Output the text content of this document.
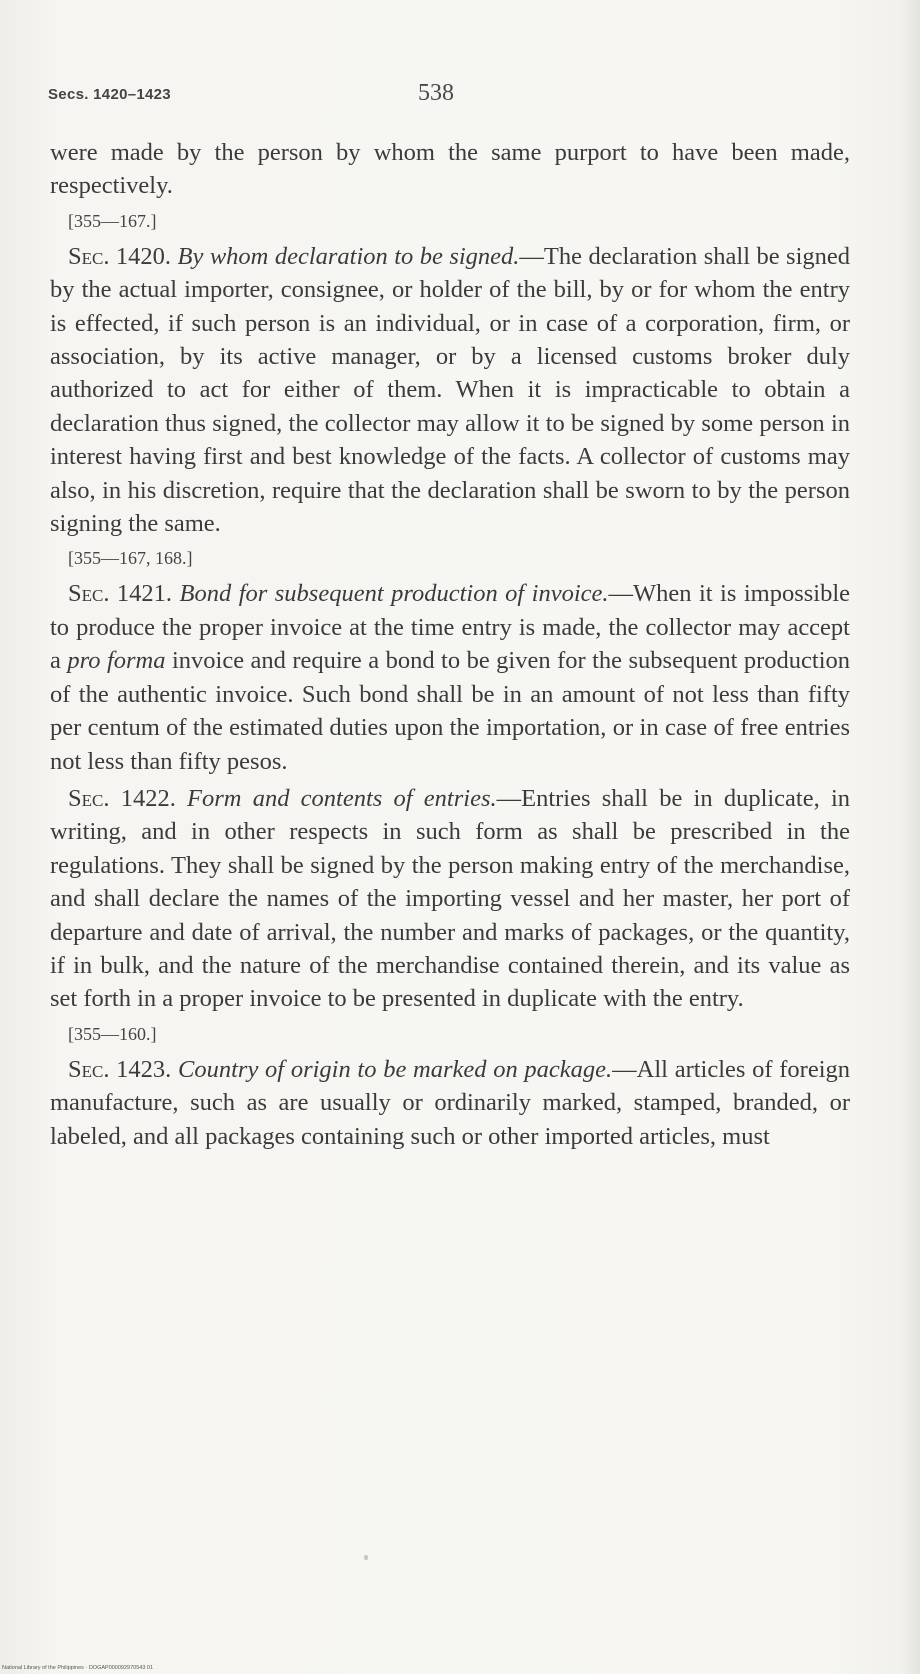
Secs. 1420–1423	538

were made by the person by whom the same purport to have been made, respectively.

[355—167.]

Sec. 1420. By whom declaration to be signed.—The declaration shall be signed by the actual importer, consignee, or holder of the bill, by or for whom the entry is effected, if such person is an individual, or in case of a corporation, firm, or association, by its active manager, or by a licensed customs broker duly authorized to act for either of them. When it is impracticable to obtain a declaration thus signed, the collector may allow it to be signed by some person in interest having first and best knowledge of the facts. A collector of customs may also, in his discretion, require that the declaration shall be sworn to by the person signing the same.

[355—167, 168.]

Sec. 1421. Bond for subsequent production of invoice.—When it is impossible to produce the proper invoice at the time entry is made, the collector may accept a pro forma invoice and require a bond to be given for the subsequent production of the authentic invoice. Such bond shall be in an amount of not less than fifty per centum of the estimated duties upon the importation, or in case of free entries not less than fifty pesos.

Sec. 1422. Form and contents of entries.—Entries shall be in duplicate, in writing, and in other respects in such form as shall be prescribed in the regulations. They shall be signed by the person making entry of the merchandise, and shall declare the names of the importing vessel and her master, her port of departure and date of arrival, the number and marks of packages, or the quantity, if in bulk, and the nature of the merchandise contained therein, and its value as set forth in a proper invoice to be presented in duplicate with the entry.

[355—160.]

Sec. 1423. Country of origin to be marked on package.—All articles of foreign manufacture, such as are usually or ordinarily marked, stamped, branded, or labeled, and all packages containing such or other imported articles, must

National Library of the Philippines · DOGAP000092970543 01
